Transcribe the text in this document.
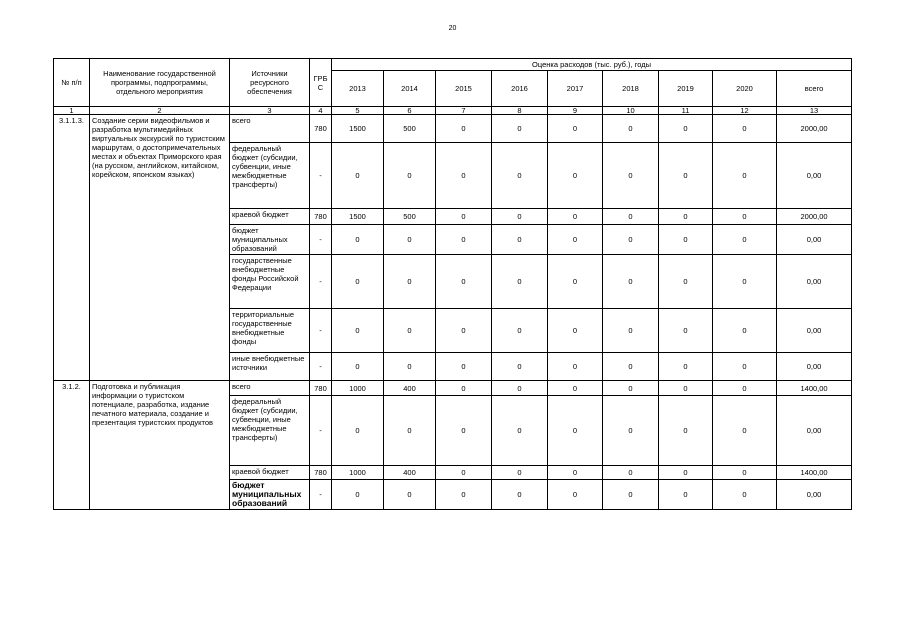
20
№ п/п	Наименование государственной программы, подпрограммы, отдельного мероприятия	Источники ресурсного обеспечения	ГРБ С	Оценка расходов (тыс. руб.), годы								
				2013	2014	2015	2016	2017	2018	2019	2020	всего
1	2	3	4	5	6	7	8	9	10	11	12	13
3.1.1.3.	Создание серии видеофильмов и разработка мультимедийных виртуальных экскурсий по туристским маршрутам, о достопримечательных местах и объектах Приморского края (на русском, английском, китайском, корейском, японском языках)	всего	780	1500	500	0	0	0	0	0	0	2000,00
		федеральный бюджет (субсидии, субвенции, иные межбюджетные трансферты)	-	0	0	0	0	0	0	0	0	0,00
		краевой бюджет	780	1500	500	0	0	0	0	0	0	2000,00
		бюджет муниципальных образований	-	0	0	0	0	0	0	0	0	0,00
		государственные внебюджетные фонды Российской Федерации	-	0	0	0	0	0	0	0	0	0,00
		территориальные государственные внебюджетные фонды	-	0	0	0	0	0	0	0	0	0,00
		иные внебюджетные источники	-	0	0	0	0	0	0	0	0	0,00
3.1.2.	Подготовка и публикация информации о туристском потенциале, разработка, издание печатного материала, создание и презентация туристских продуктов	всего	780	1000	400	0	0	0	0	0	0	1400,00
		федеральный бюджет (субсидии, субвенции, иные межбюджетные трансферты)	-	0	0	0	0	0	0	0	0	0,00
		краевой бюджет	780	1000	400	0	0	0	0	0	0	1400,00
		бюджет муниципальных образований	-	0	0	0	0	0	0	0	0	0,00
